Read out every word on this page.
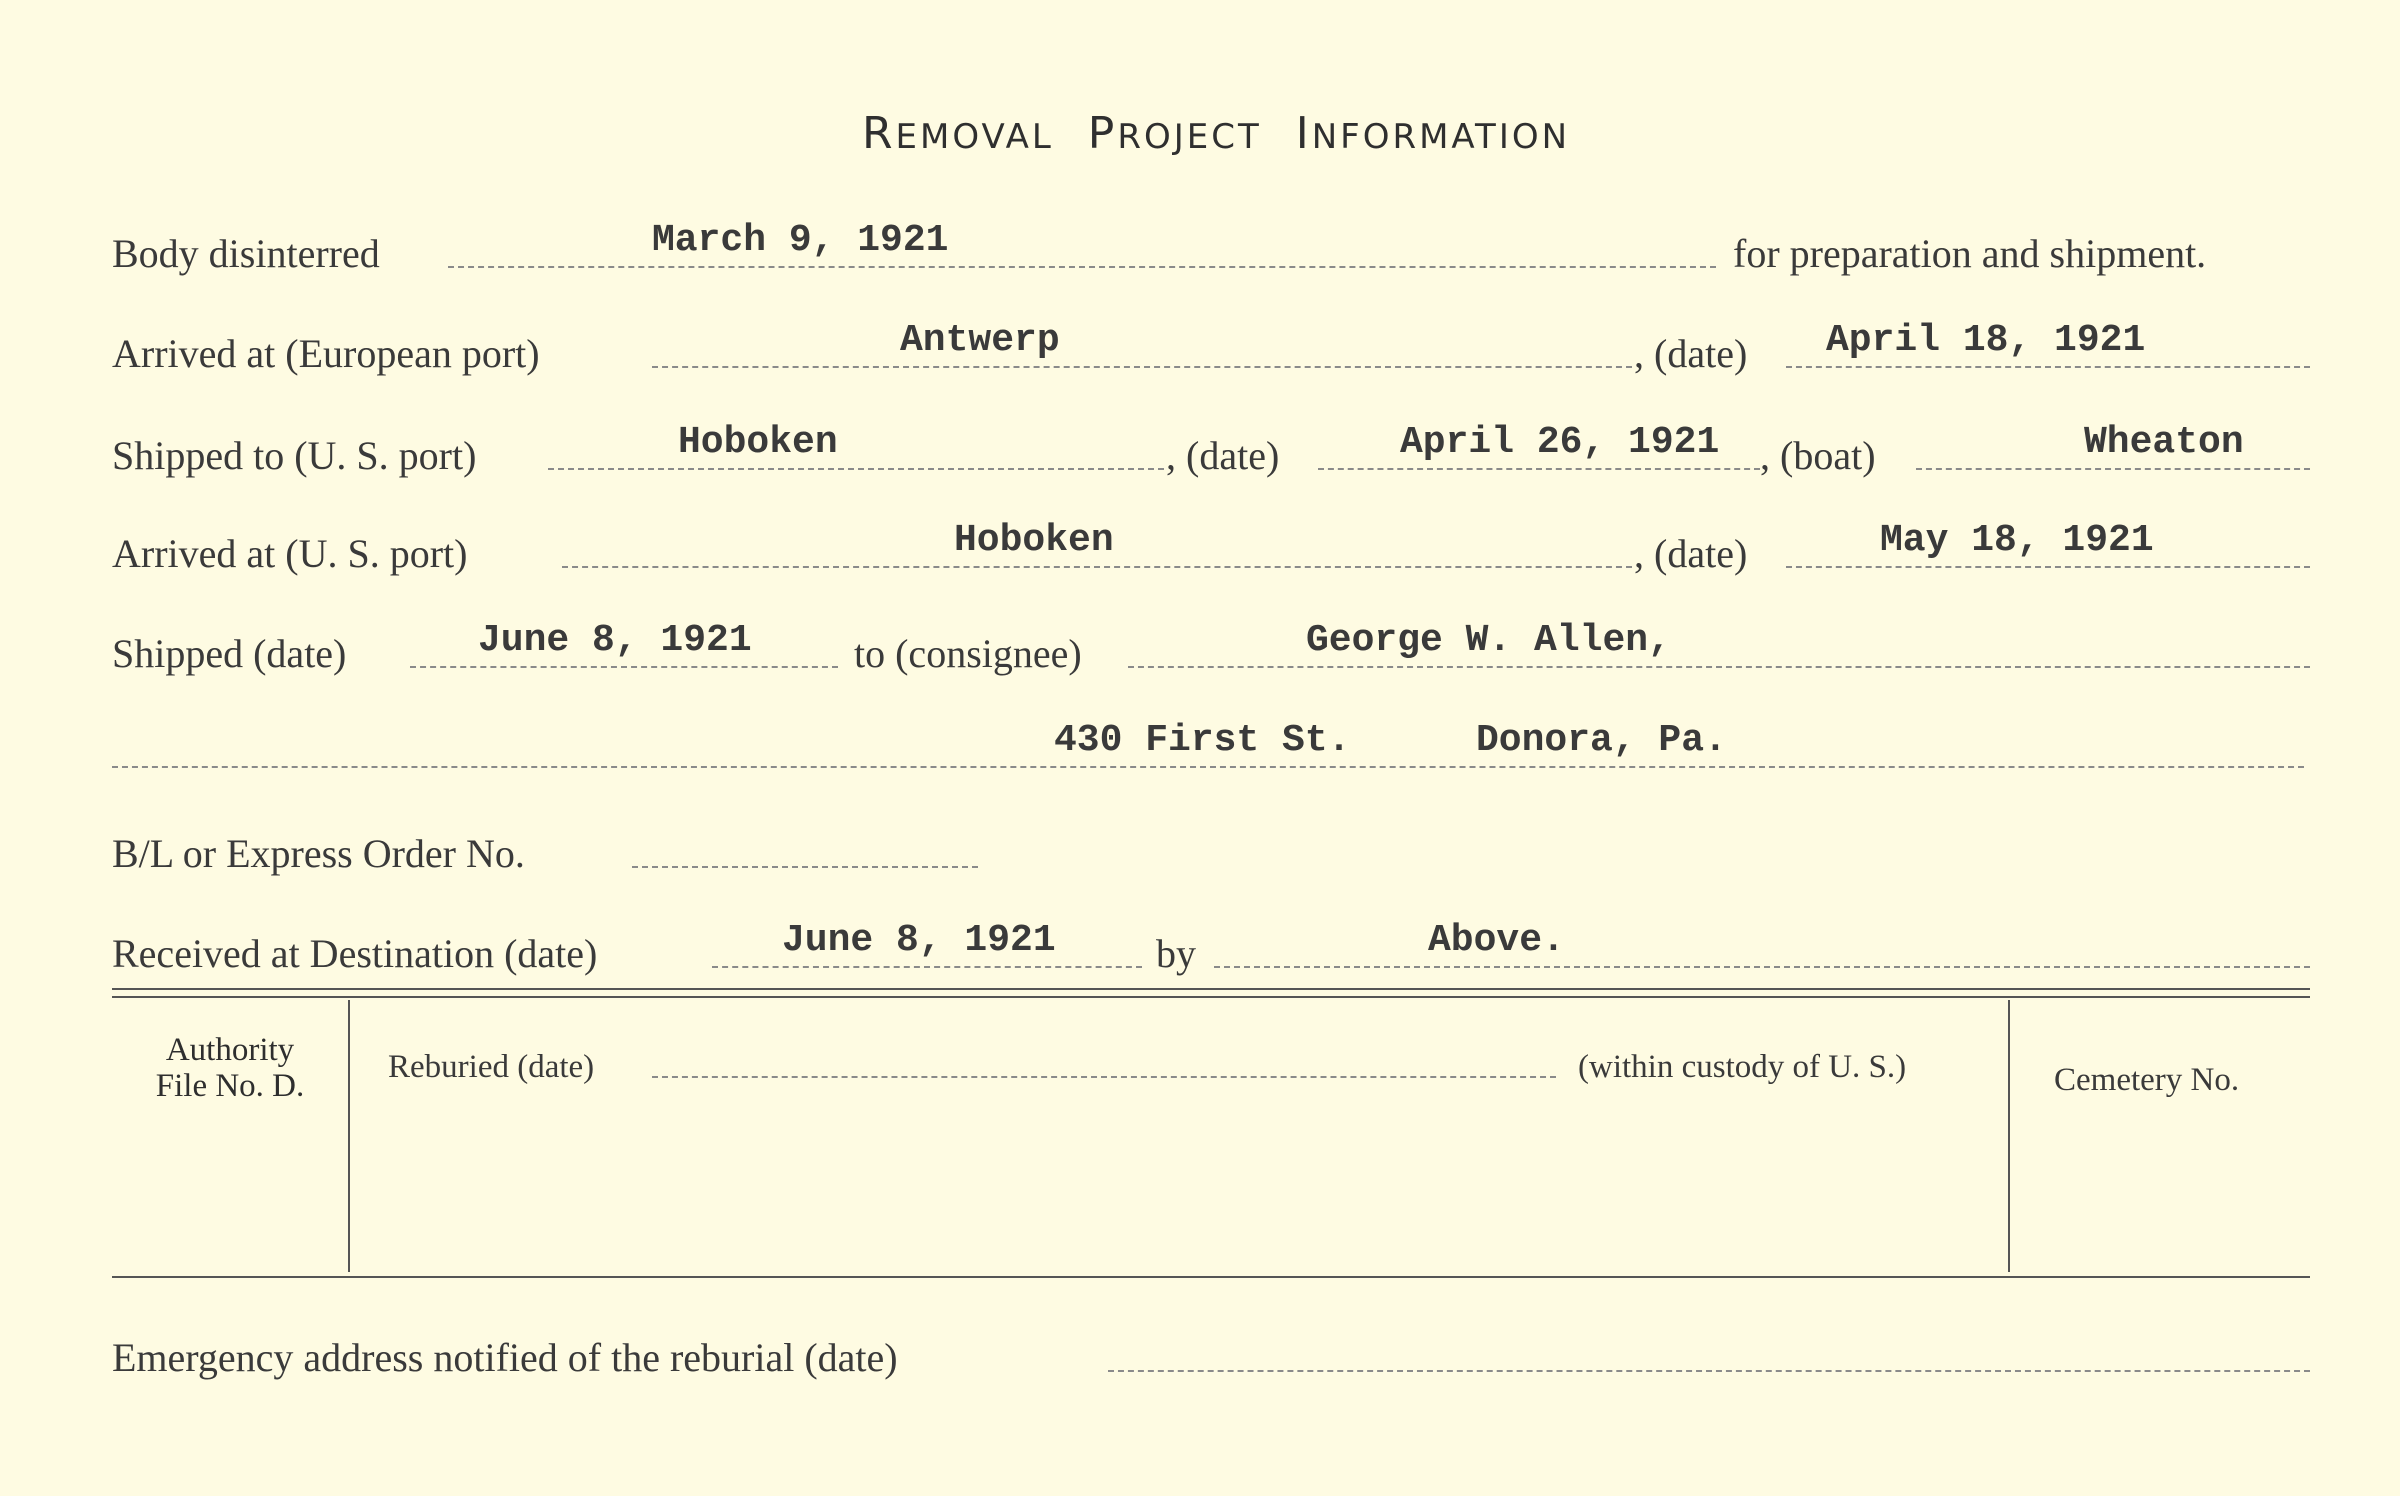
REMOVAL PROJECT INFORMATION
Body disinterred	March 9, 1921	for preparation and shipment.
Arrived at (European port)	Antwerp	, (date) April 18, 1921
Shipped to (U. S. port)	Hoboken	, (date)	April 26, 1921 , (boat)	Wheaton
Arrived at (U. S. port)	Hoboken	, (date)	May 18, 1921
Shipped (date)	June 8, 1921	to (consignee)	George W. Allen,
430 First St.	Donora, Pa.
B/L or Express Order No.
Received at Destination (date)	June 8, 1921	by	Above.
Authority
File No. D.
Reburied (date)	(within custody of U. S.)	Cemetery No.
Emergency address notified of the reburial (date)
